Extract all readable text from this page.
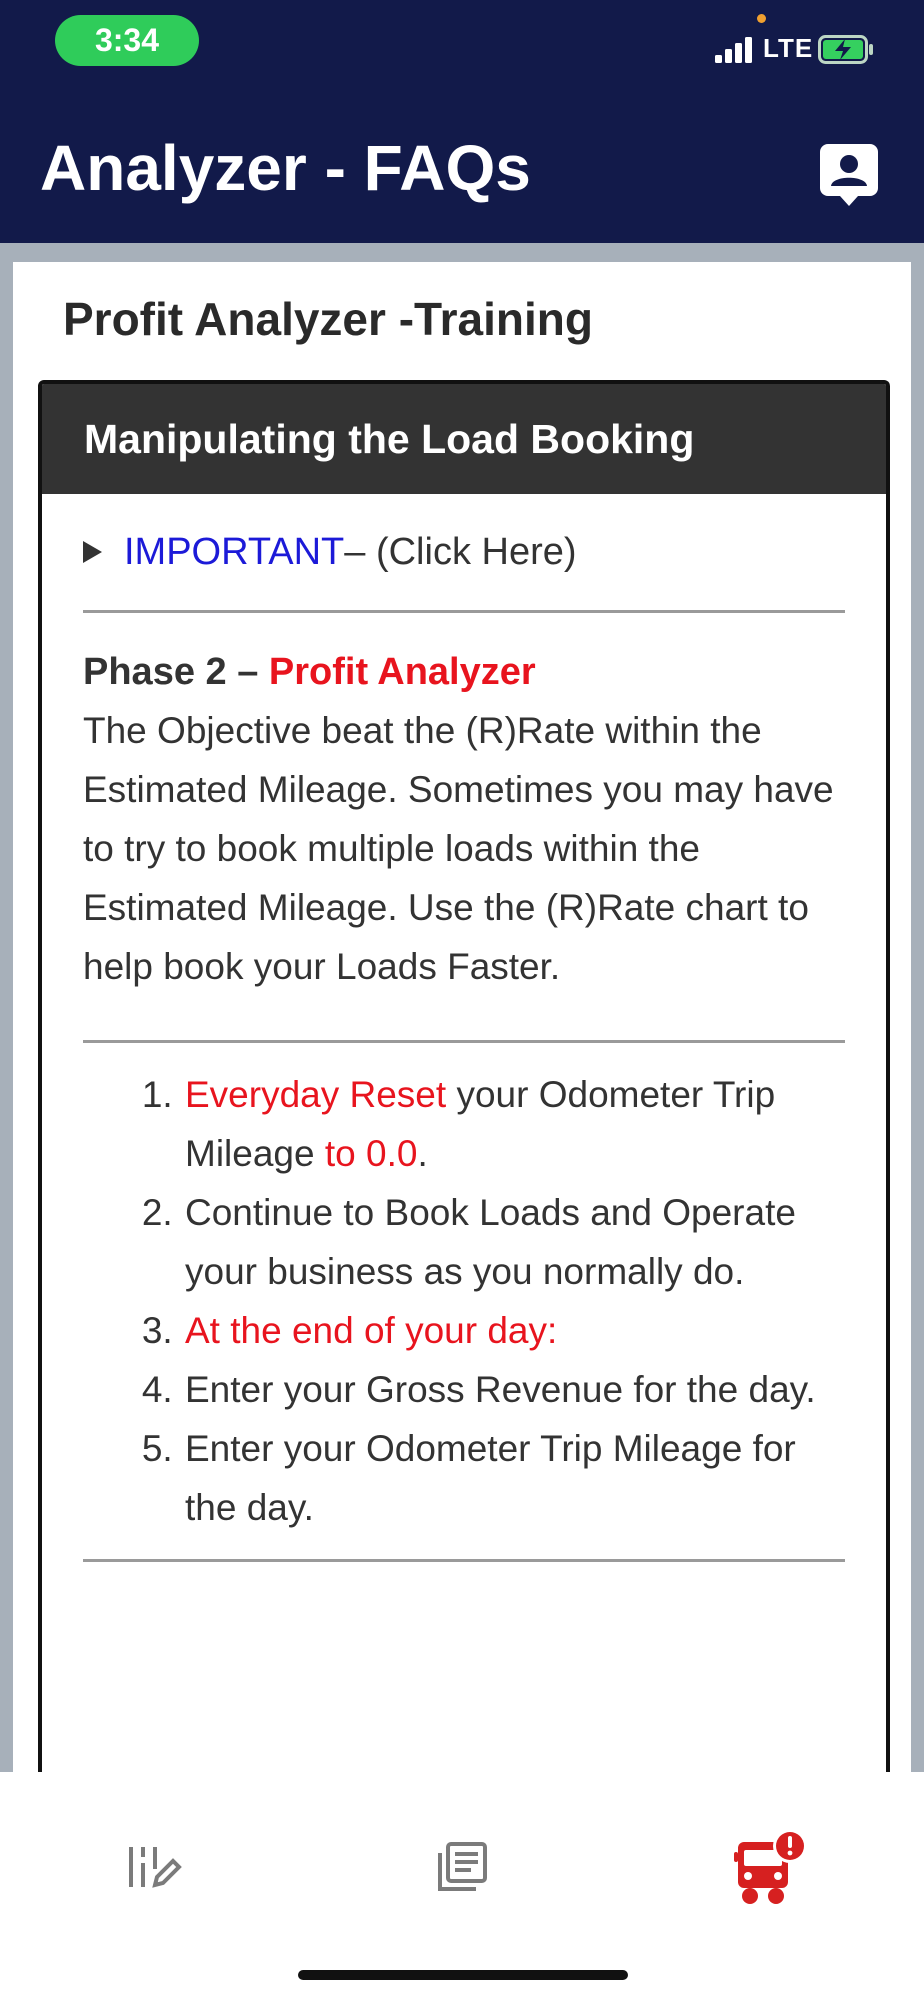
3:34	LTE
Analyzer - FAQs
Profit Analyzer -Training
Manipulating the Load Booking
IMPORTANT – (Click Here)
Phase 2 – Profit Analyzer
The Objective beat the (R)Rate within the Estimated Mileage. Sometimes you may have to try to book multiple loads within the Estimated Mileage. Use the (R)Rate chart to help book your Loads Faster.
1. Everyday Reset your Odometer Trip Mileage to 0.0.
2. Continue to Book Loads and Operate your business as you normally do.
3. At the end of your day:
4. Enter your Gross Revenue for the day.
5. Enter your Odometer Trip Mileage for the day.
